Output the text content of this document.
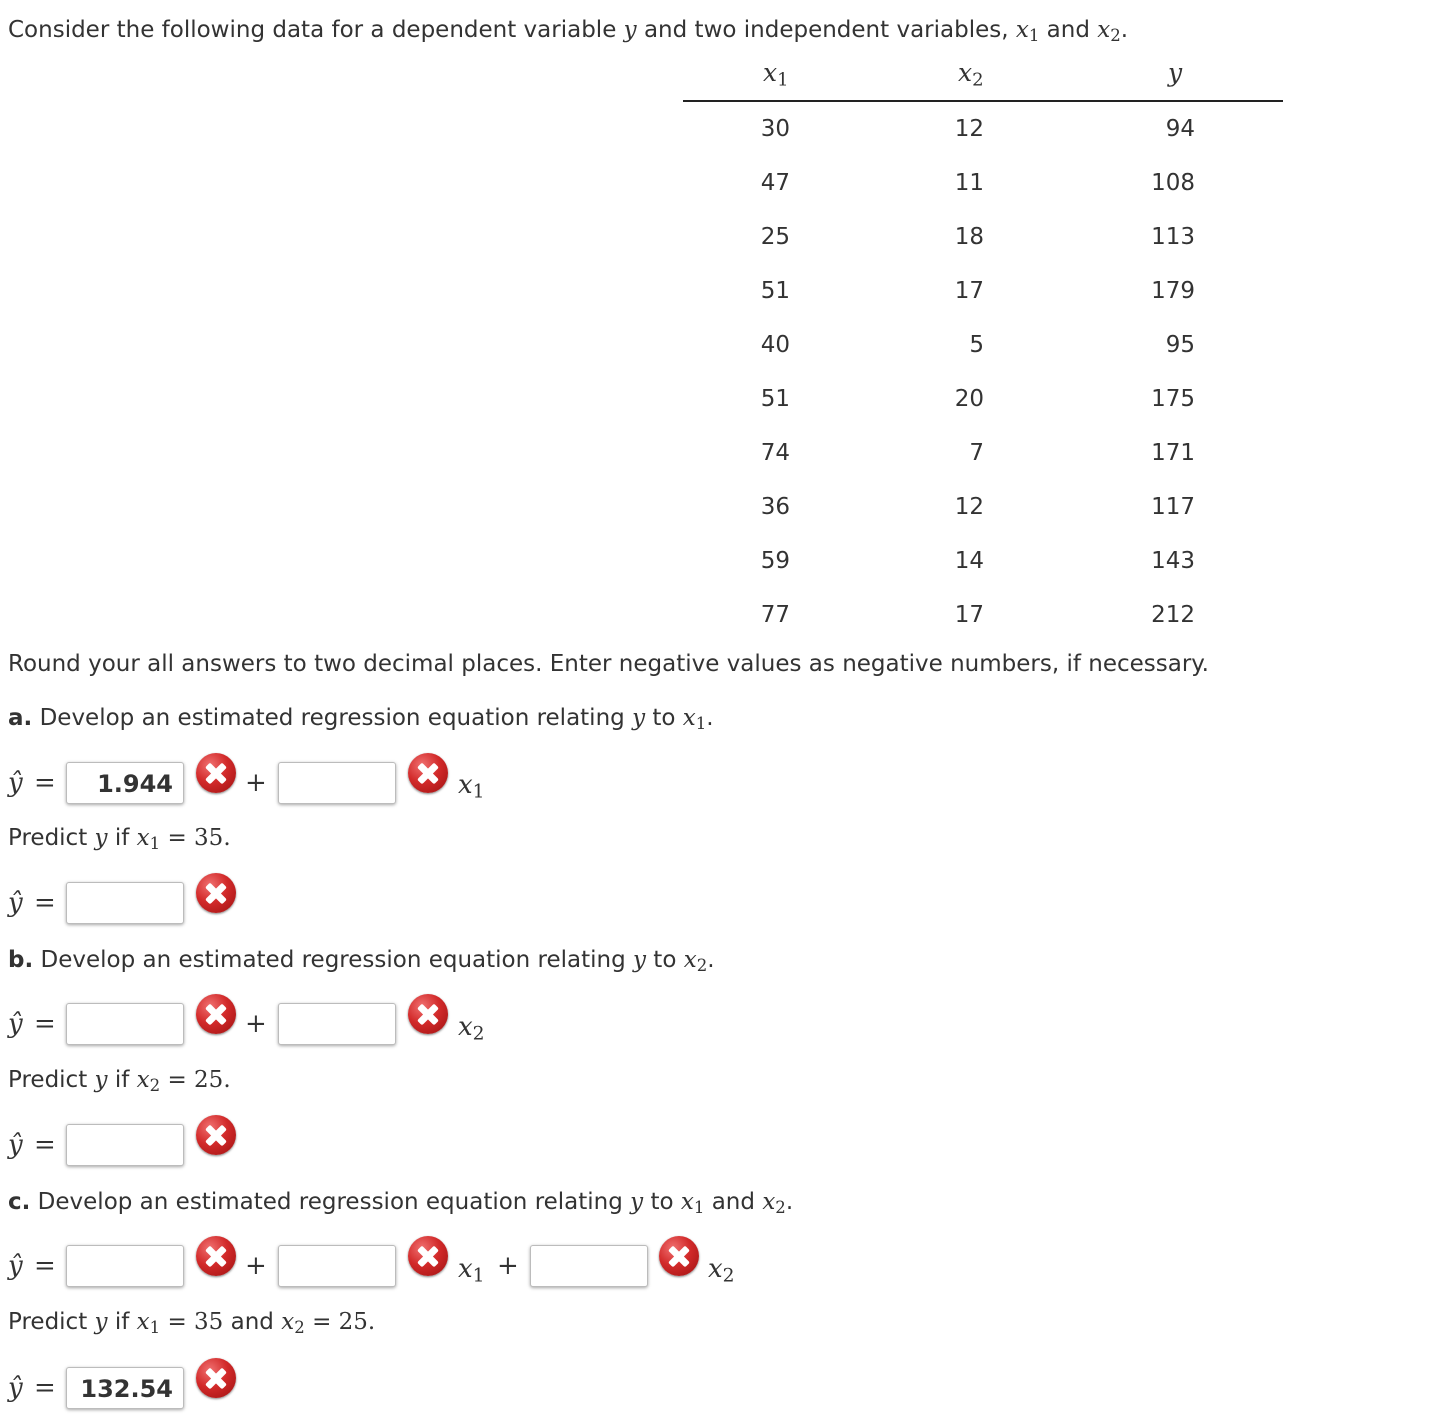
Consider the following data for a dependent variable y and two independent variables, $x_1$ and $x_2$.
$x_1$	$x_2$	y
30	12	94
47	11	108
25	18	113
51	17	179
40	5	95
51	20	175
74	7	171
36	12	117
59	14	143
77	17	212
Round your all answers to two decimal places. Enter negative values as negative numbers, if necessary.
a. Develop an estimated regression equation relating y to $x_1$.
ŷ =	1.944	+	$x_1$
Predict y if $x_1 = 35$.
ŷ =
b. Develop an estimated regression equation relating y to $x_2$.
ŷ =	+	$x_2$
Predict y if $x_2 = 25$.
ŷ =
c. Develop an estimated regression equation relating y to $x_1$ and $x_2$.
ŷ =	+	$x_1$ +	$x_2$
Predict y if $x_1 = 35$ and $x_2 = 25$.
ŷ =	132.54
